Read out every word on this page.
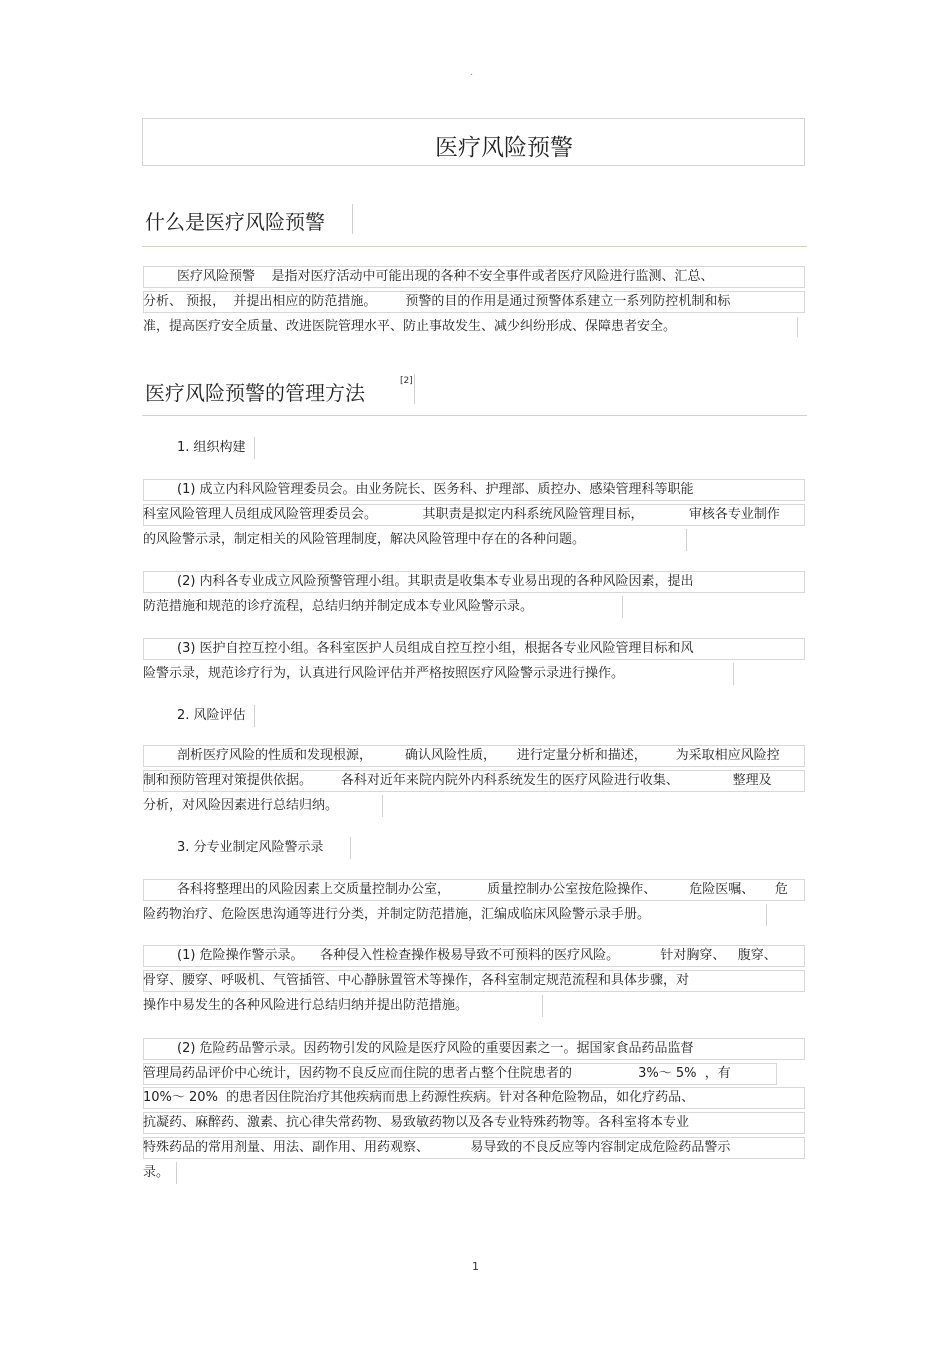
·
医疗风险预警
什么是医疗风险预警
医疗风险预警    是指对医疗活动中可能出现的各种不安全事件或者医疗风险进行监测、汇总、
分析、 预报，  并提出相应的防范措施。       预警的目的作用是通过预警体系建立一系列防控机制和标
准，提高医疗安全质量、改进医院管理水平、防止事故发生、减少纠纷形成、保障患者安全。
医疗风险预警的管理方法	[2]
1. 组织构建
(1) 成立内科风险管理委员会。由业务院长、医务科、护理部、质控办、感染管理科等职能
科室风险管理人员组成风险管理委员会。           其职责是拟定内科系统风险管理目标，           审核各专业制作
的风险警示录，制定相关的风险管理制度，解决风险管理中存在的各种问题。
(2) 内科各专业成立风险预警管理小组。其职责是收集本专业易出现的各种风险因素，提出
防范措施和规范的诊疗流程，总结归纳并制定成本专业风险警示录。
(3) 医护自控互控小组。各科室医护人员组成自控互控小组，根据各专业风险管理目标和风
险警示录，规范诊疗行为，认真进行风险评估并严格按照医疗风险警示录进行操作。
2. 风险评估
剖析医疗风险的性质和发现根源，        确认风险性质，     进行定量分析和描述，       为采取相应风险控
制和预防管理对策提供依据。       各科对近年来院内院外内科系统发生的医疗风险进行收集、             整理及
分析，对风险因素进行总结归纳。
3. 分专业制定风险警示录
各科将整理出的风险因素上交质量控制办公室，         质量控制办公室按危险操作、        危险医嘱、     危
险药物治疗、危险医患沟通等进行分类，并制定防范措施，汇编成临床风险警示录手册。
(1) 危险操作警示录。    各种侵入性检查操作极易导致不可预料的医疗风险。          针对胸穿、   腹穿、
骨穿、腰穿、呼吸机、气管插管、中心静脉置管术等操作，各科室制定规范流程和具体步骤，对
操作中易发生的各种风险进行总结归纳并提出防范措施。
(2) 危险药品警示录。因药物引发的风险是医疗风险的重要因素之一。据国家食品药品监督
管理局药品评价中心统计，因药物不良反应而住院的患者占整个住院患者的                3%～ 5%  ，有
10%～ 20%  的患者因住院治疗其他疾病而患上药源性疾病。针对各种危险物品，如化疗药品、
抗凝药、麻醉药、激素、抗心律失常药物、易致敏药物以及各专业特殊药物等。各科室将本专业
特殊药品的常用剂量、用法、副作用、用药观察、          易导致的不良反应等内容制定成危险药品警示
录。
1
